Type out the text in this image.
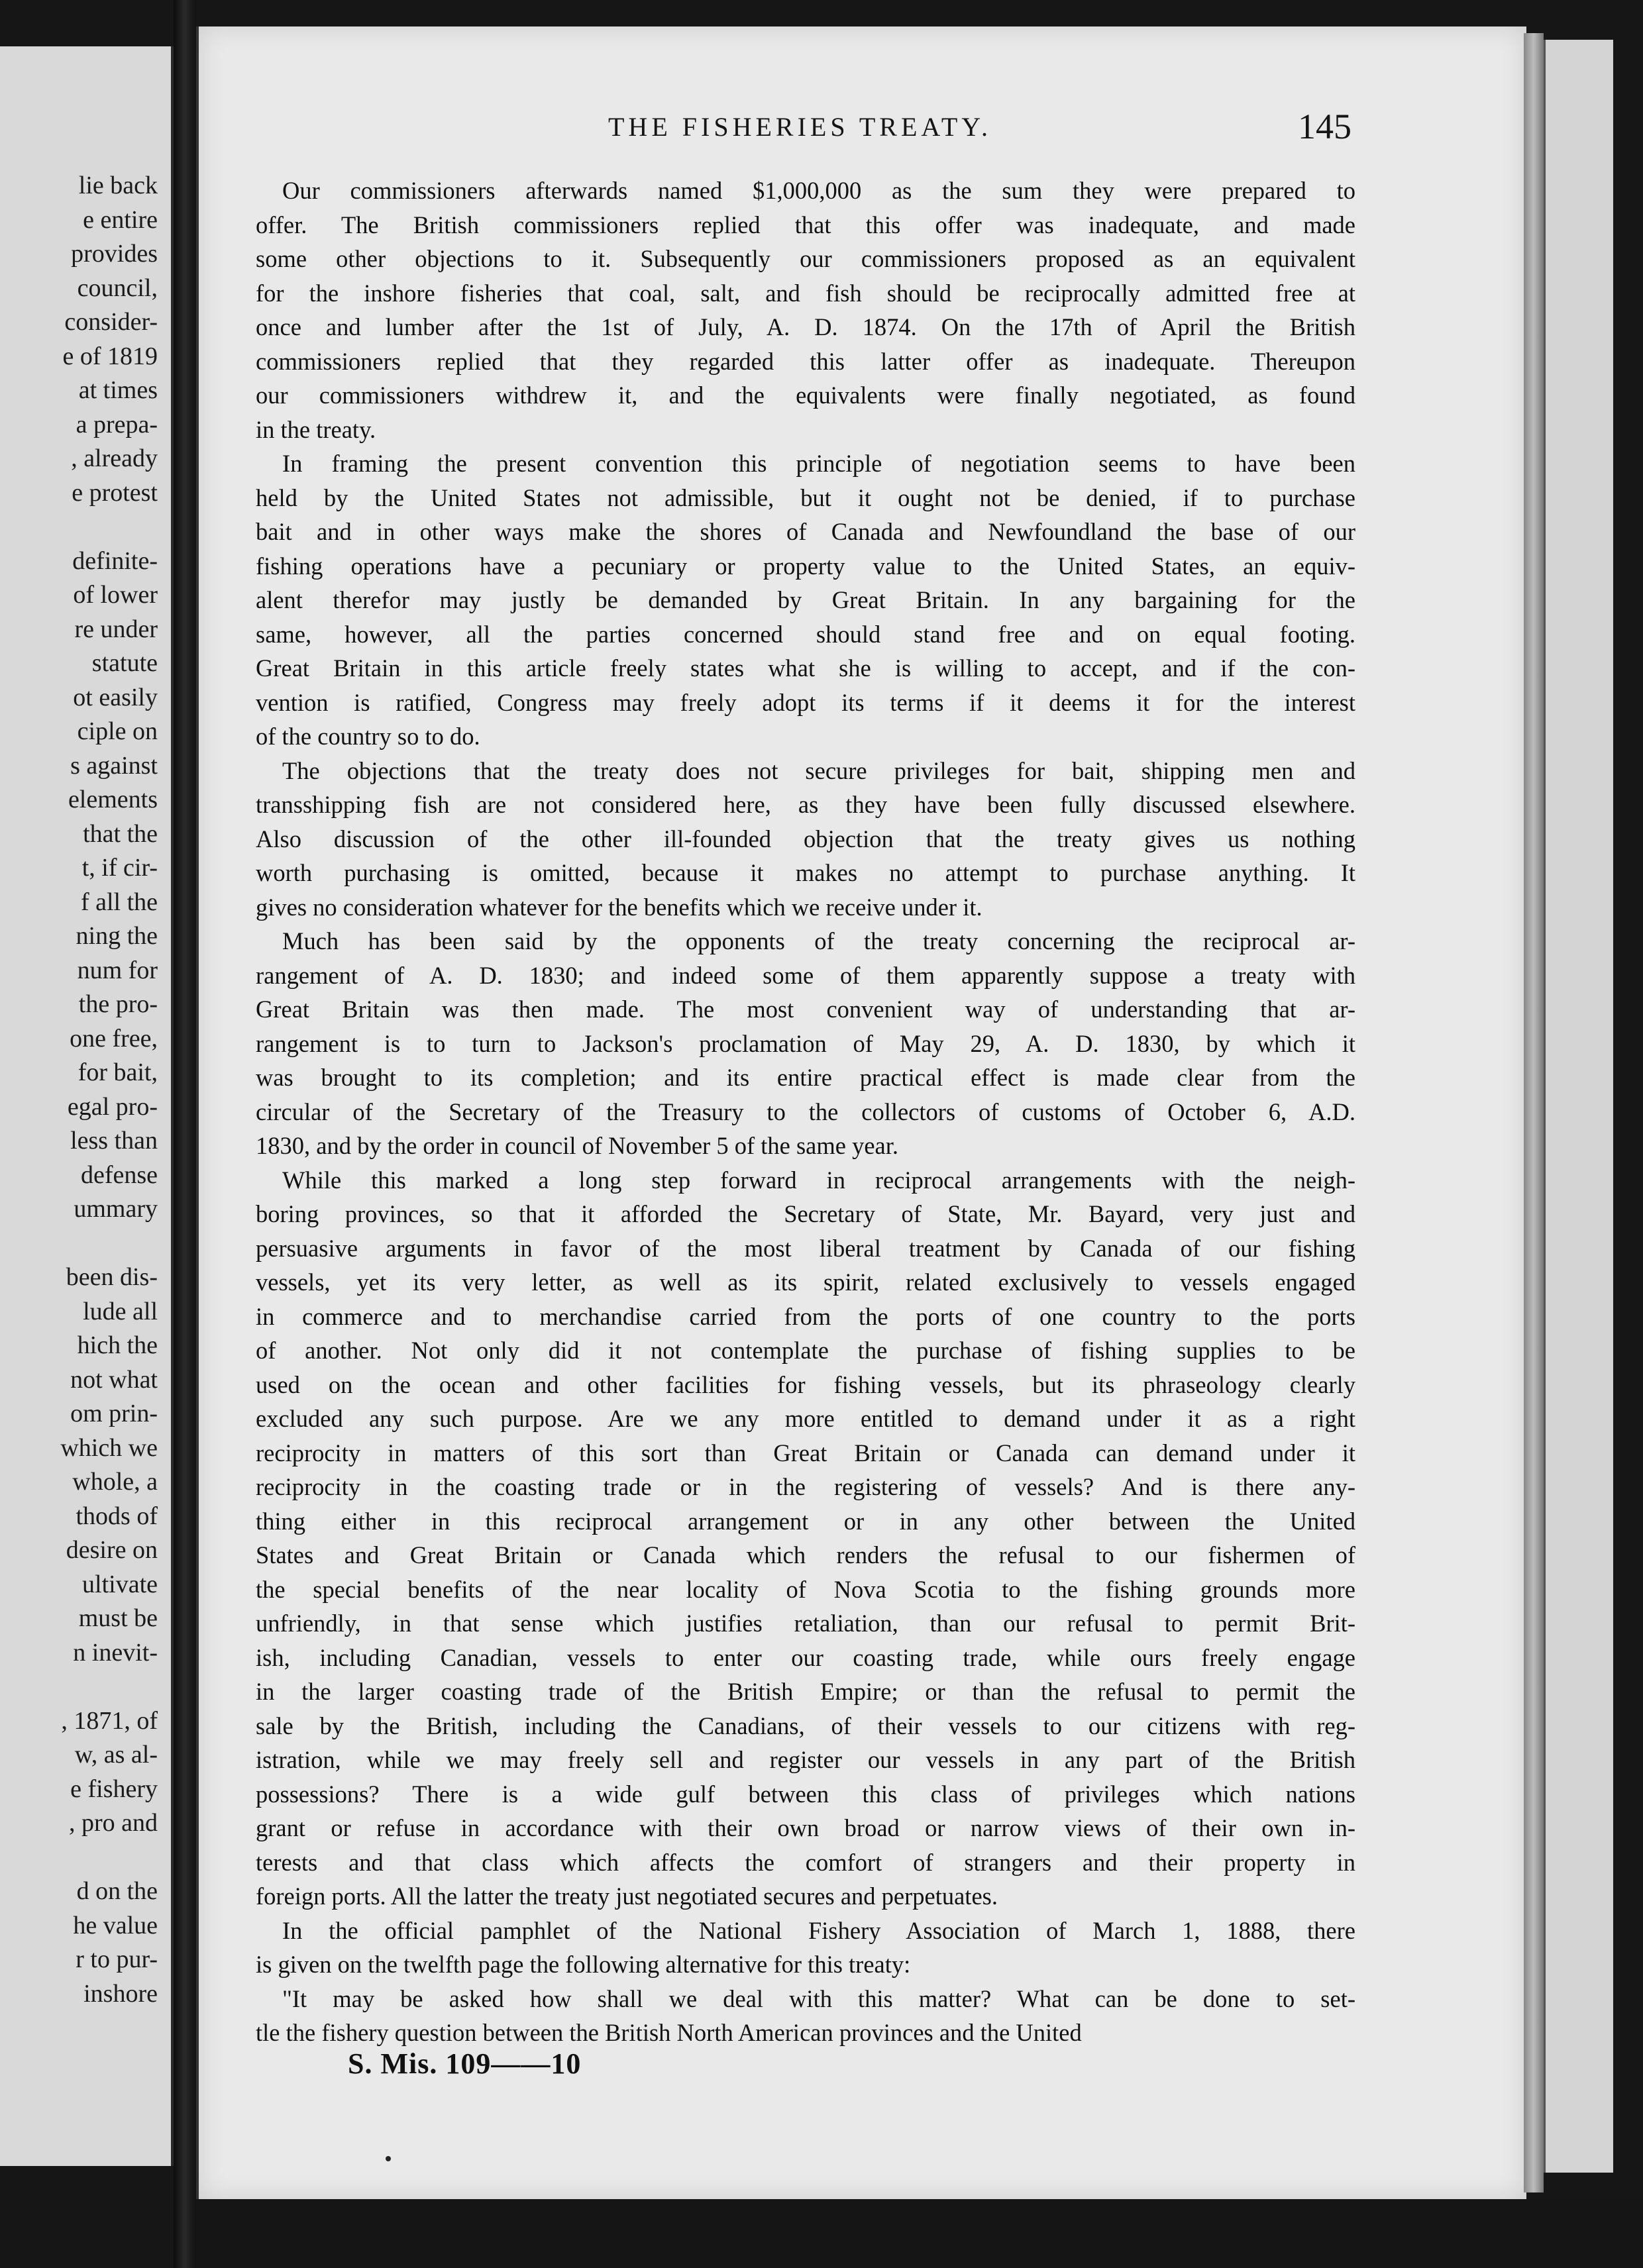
lie back
e entire
provides
council,
consider-
e of 1819
at times
a prepa-
, already
e protest
definite-
of lower
re under
statute
ot easily
ciple on
s against
elements
that the
t, if cir-
f all the
ning the
num for
the pro-
one free,
for bait,
egal pro-
less than
defense
ummary
been dis-
lude all
hich the
not what
om prin-
which we
whole, a
thods of
desire on
ultivate
must be
n inevit-
, 1871, of
w, as al-
e fishery
, pro and
d on the
he value
r to pur-
inshore
THE FISHERIES TREATY.	145
Our commissioners afterwards named $1,000,000 as the sum they were prepared to
offer. The British commissioners replied that this offer was inadequate, and made
some other objections to it. Subsequently our commissioners proposed as an equivalent
for the inshore fisheries that coal, salt, and fish should be reciprocally admitted free at
once and lumber after the 1st of July, A. D. 1874. On the 17th of April the British
commissioners replied that they regarded this latter offer as inadequate. Thereupon
our commissioners withdrew it, and the equivalents were finally negotiated, as found
in the treaty.
In framing the present convention this principle of negotiation seems to have been
held by the United States not admissible, but it ought not be denied, if to purchase
bait and in other ways make the shores of Canada and Newfoundland the base of our
fishing operations have a pecuniary or property value to the United States, an equiv-
alent therefor may justly be demanded by Great Britain. In any bargaining for the
same, however, all the parties concerned should stand free and on equal footing.
Great Britain in this article freely states what she is willing to accept, and if the con-
vention is ratified, Congress may freely adopt its terms if it deems it for the interest
of the country so to do.
The objections that the treaty does not secure privileges for bait, shipping men and
transshipping fish are not considered here, as they have been fully discussed elsewhere.
Also discussion of the other ill-founded objection that the treaty gives us nothing
worth purchasing is omitted, because it makes no attempt to purchase anything. It
gives no consideration whatever for the benefits which we receive under it.
Much has been said by the opponents of the treaty concerning the reciprocal ar-
rangement of A. D. 1830; and indeed some of them apparently suppose a treaty with
Great Britain was then made. The most convenient way of understanding that ar-
rangement is to turn to Jackson's proclamation of May 29, A. D. 1830, by which it
was brought to its completion; and its entire practical effect is made clear from the
circular of the Secretary of the Treasury to the collectors of customs of October 6, A.D.
1830, and by the order in council of November 5 of the same year.
While this marked a long step forward in reciprocal arrangements with the neigh-
boring provinces, so that it afforded the Secretary of State, Mr. Bayard, very just and
persuasive arguments in favor of the most liberal treatment by Canada of our fishing
vessels, yet its very letter, as well as its spirit, related exclusively to vessels engaged
in commerce and to merchandise carried from the ports of one country to the ports
of another. Not only did it not contemplate the purchase of fishing supplies to be
used on the ocean and other facilities for fishing vessels, but its phraseology clearly
excluded any such purpose. Are we any more entitled to demand under it as a right
reciprocity in matters of this sort than Great Britain or Canada can demand under it
reciprocity in the coasting trade or in the registering of vessels? And is there any-
thing either in this reciprocal arrangement or in any other between the United
States and Great Britain or Canada which renders the refusal to our fishermen of
the special benefits of the near locality of Nova Scotia to the fishing grounds more
unfriendly, in that sense which justifies retaliation, than our refusal to permit Brit-
ish, including Canadian, vessels to enter our coasting trade, while ours freely engage
in the larger coasting trade of the British Empire; or than the refusal to permit the
sale by the British, including the Canadians, of their vessels to our citizens with reg-
istration, while we may freely sell and register our vessels in any part of the British
possessions? There is a wide gulf between this class of privileges which nations
grant or refuse in accordance with their own broad or narrow views of their own in-
terests and that class which affects the comfort of strangers and their property in
foreign ports. All the latter the treaty just negotiated secures and perpetuates.
In the official pamphlet of the National Fishery Association of March 1, 1888, there
is given on the twelfth page the following alternative for this treaty:
"It may be asked how shall we deal with this matter? What can be done to set-
tle the fishery question between the British North American provinces and the United
S. Mis. 109——10
